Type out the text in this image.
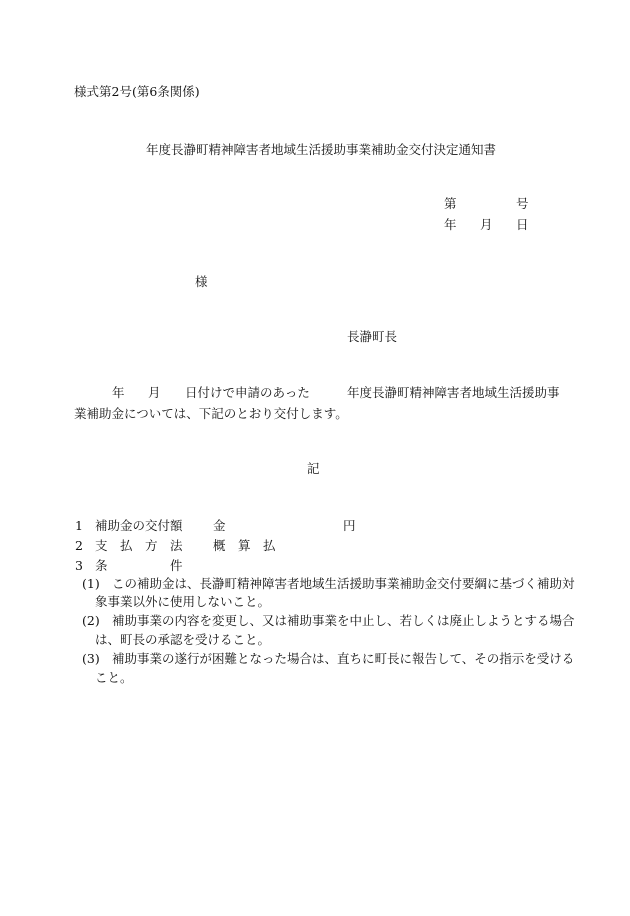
様式第2号(第6条関係)
年度長瀞町精神障害者地域生活援助事業補助金交付決定通知書
第	号
年 月 日
様
長瀞町長
年 月 日付けで申請のあった	年度長瀞町精神障害者地域生活援助事
業補助金については、下記のとおり交付します。
記
1 補助金の交付額 金	円
2 支　払　方　法 概　算　払
3 条　　　　　件
(1) この補助金は、長瀞町精神障害者地域生活援助事業補助金交付要綱に基づく補助対
象事業以外に使用しないこと。
(2) 補助事業の内容を変更し、又は補助事業を中止し、若しくは廃止しようとする場合
は、町長の承認を受けること。
(3) 補助事業の遂行が困難となった場合は、直ちに町長に報告して、その指示を受ける
こと。
